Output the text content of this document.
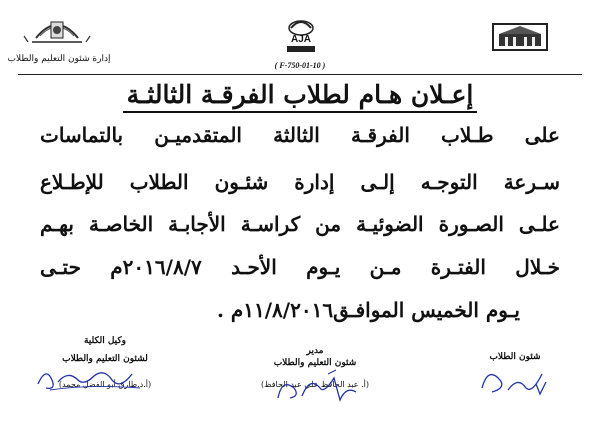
AJA
إدارة شئون التعليم والطلاب
( F-750-01-10 )
إعـلان هـام لطلاب الفرقـة الثالثـة
على طـلاب الفرقـة الثالثة المتقدميـن بالتماسات
سـرعة التوجـه إلـى إدارة شئـون الطلاب للإطـلاع
علـى الصـورة الضوئيـة من كراسـة الأجابـة الخاصـة بهـم
خـلال الفتـرة مـن يـوم الأحـد ٢٠١٦/٨/٧م حتـى
يـوم الخميس الموافـق١١/٨/٢٠١٦م .
وكيل الكلية
لشئون التعليم والطلاب
(أ.د.طارق أبو الفضل محمد)
مدير
شئون التعليم والطلاب
(أ. عبد الحافظ علي عبد الحافظ)
شئون الطلاب
